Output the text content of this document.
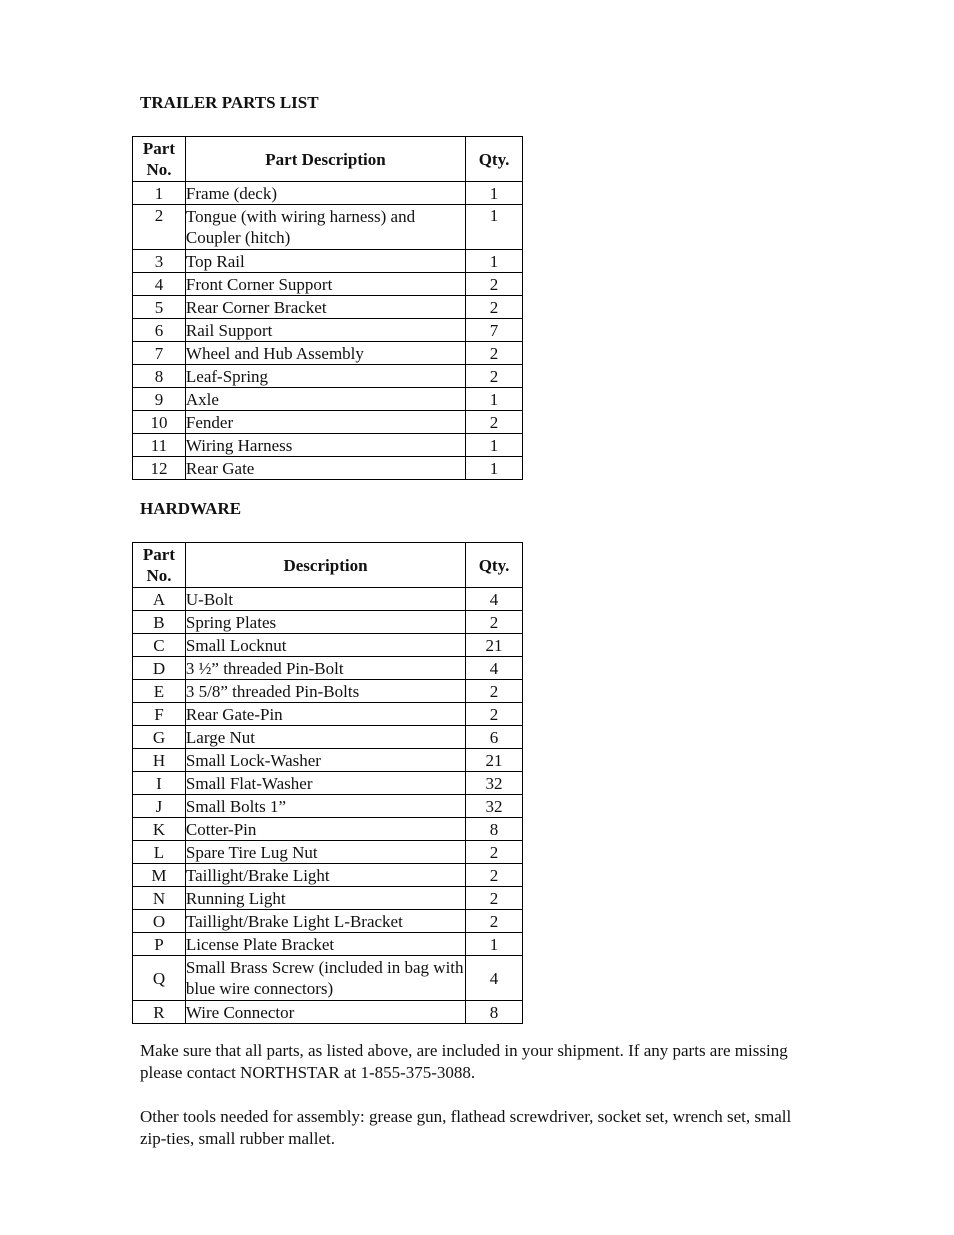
TRAILER PARTS LIST
Part No.	Part Description	Qty.
1	Frame (deck)	1
2	Tongue (with wiring harness) and Coupler (hitch)	1
3	Top Rail	1
4	Front Corner Support	2
5	Rear Corner Bracket	2
6	Rail Support	7
7	Wheel and Hub Assembly	2
8	Leaf-Spring	2
9	Axle	1
10	Fender	2
11	Wiring Harness	1
12	Rear Gate	1
HARDWARE
Part No.	Description	Qty.
A	U-Bolt	4
B	Spring Plates	2
C	Small Locknut	21
D	3 ½” threaded Pin-Bolt	4
E	3 5/8” threaded Pin-Bolts	2
F	Rear Gate-Pin	2
G	Large Nut	6
H	Small Lock-Washer	21
I	Small Flat-Washer	32
J	Small Bolts 1”	32
K	Cotter-Pin	8
L	Spare Tire Lug Nut	2
M	Taillight/Brake Light	2
N	Running Light	2
O	Taillight/Brake Light L-Bracket	2
P	License Plate Bracket	1
Q	Small Brass Screw (included in bag with blue wire connectors)	4
R	Wire Connector	8

Make sure that all parts, as listed above, are included in your shipment. If any parts are missing please contact NORTHSTAR at 1-855-375-3088.

Other tools needed for assembly: grease gun, flathead screwdriver, socket set, wrench set, small zip-ties, small rubber mallet.
